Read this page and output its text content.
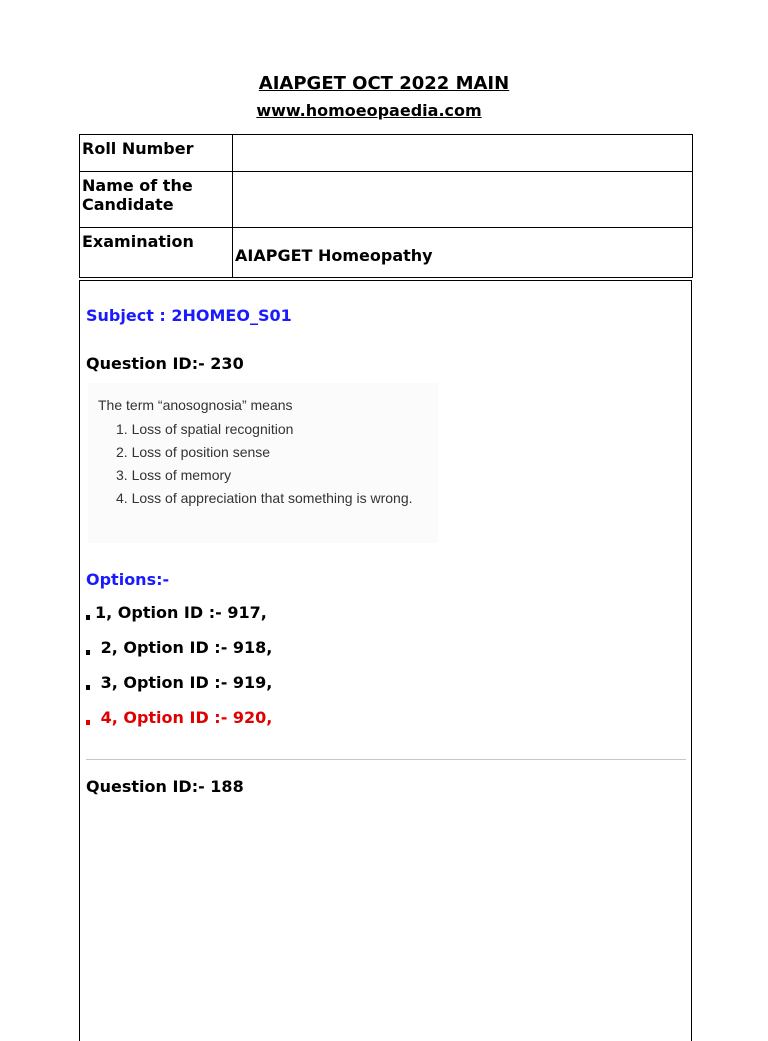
AIAPGET OCT 2022 MAIN
www.homoeopaedia.com
Roll Number	
Name of the Candidate	
Examination	AIAPGET Homeopathy
Subject : 2HOMEO_S01
Question ID:- 230
The term “anosognosia” means
1. Loss of spatial recognition
2. Loss of position sense
3. Loss of memory
4. Loss of appreciation that something is wrong.
Options:-
1, Option ID :- 917,
2, Option ID :- 918,
3, Option ID :- 919,
4, Option ID :- 920,
Question ID:- 188
